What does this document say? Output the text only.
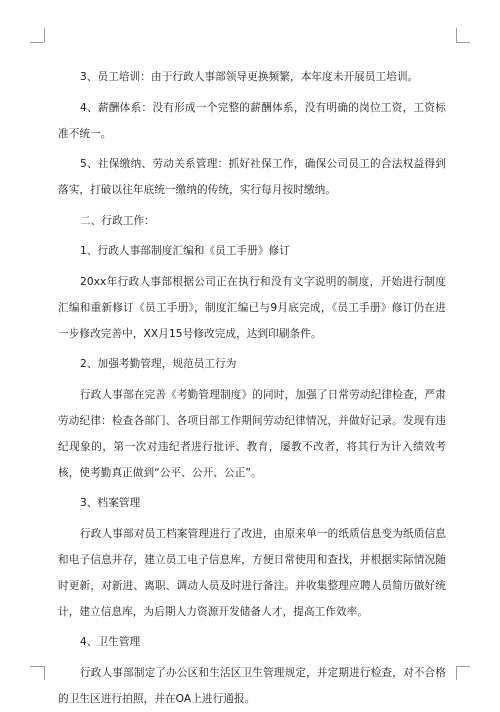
3、员工培训：由于行政人事部领导更换频繁，本年度未开展员工培训。

4、薪酬体系：没有形成一个完整的薪酬体系，没有明确的岗位工资，工资标准不统一。

5、社保缴纳、劳动关系管理：抓好社保工作，确保公司员工的合法权益得到落实，打破以往年底统一缴纳的传统，实行每月按时缴纳。

二、行政工作：

1、行政人事部制度汇编和《员工手册》修订

20xx年行政人事部根据公司正在执行和没有文字说明的制度，开始进行制度汇编和重新修订《员工手册》，制度汇编已与9月底完成，《员工手册》修订仍在进一步修改完善中，XX月15号修改完成，达到印刷条件。

2、加强考勤管理，规范员工行为

行政人事部在完善《考勤管理制度》的同时，加强了日常劳动纪律检查，严肃劳动纪律：检查各部门、各项目部工作期间劳动纪律情况，并做好记录。发现有违纪现象的，第一次对违纪者进行批评、教育，屡教不改者，将其行为计入绩效考核，使考勤真正做到“公平、公开、公正”。

3、档案管理

行政人事部对员工档案管理进行了改进，由原来单一的纸质信息变为纸质信息和电子信息并存，建立员工电子信息库，方便日常使用和查找，并根据实际情况随时更新，对新进、离职、调动人员及时进行备注。并收集整理应聘人员简历做好统计，建立信息库，为后期人力资源开发储备人才，提高工作效率。

4、卫生管理

行政人事部制定了办公区和生活区卫生管理规定，并定期进行检查，对不合格的卫生区进行拍照，并在OA上进行通报。
